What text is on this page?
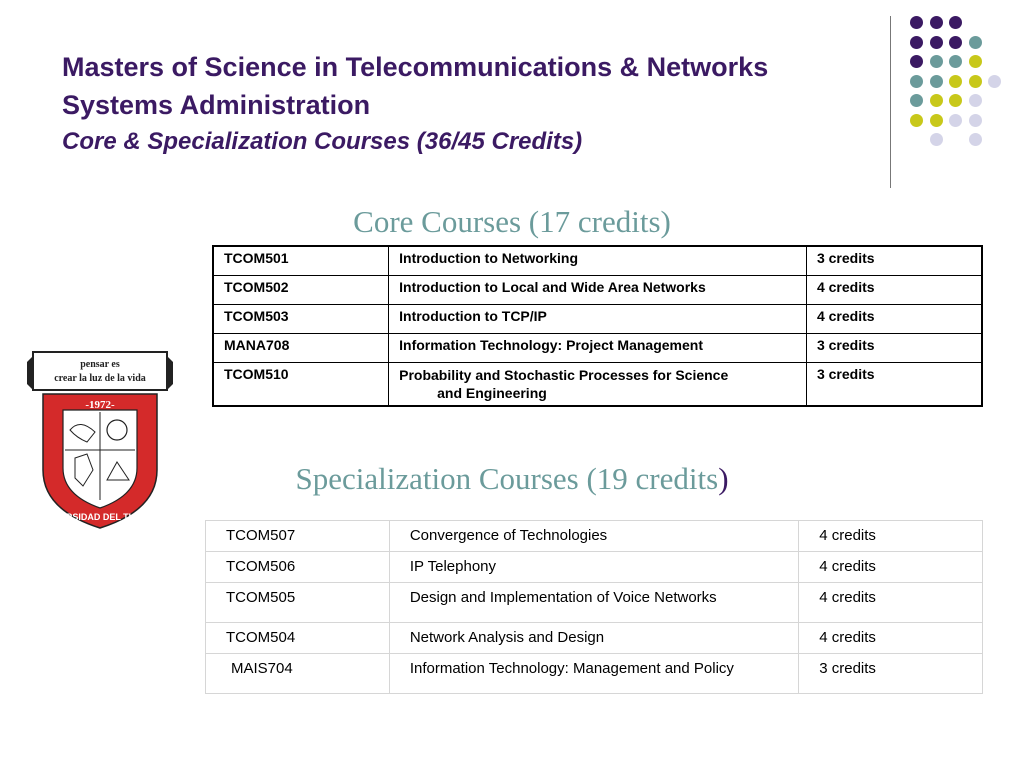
Masters of Science in Telecommunications & Networks
Systems Administration
Core & Specialization Courses (36/45 Credits)
pensar es
crear la luz de la vida
-1972-
UNIVERSIDAD DEL TURABO
Core Courses (17 credits)
TCOM501	Introduction to Networking	3 credits
TCOM502	Introduction to Local and Wide Area Networks	4 credits
TCOM503	Introduction to TCP/IP	4 credits
MANA708	Information Technology: Project Management	3 credits
TCOM510	Probability and Stochastic Processes for Science
and Engineering	3 credits
Specialization Courses (19 credits)
TCOM507	Convergence of Technologies	4 credits
TCOM506	IP Telephony	4 credits
TCOM505	Design and Implementation of Voice Networks	4 credits
TCOM504	Network Analysis and Design	4 credits
MAIS704	Information Technology: Management and Policy	3 credits
